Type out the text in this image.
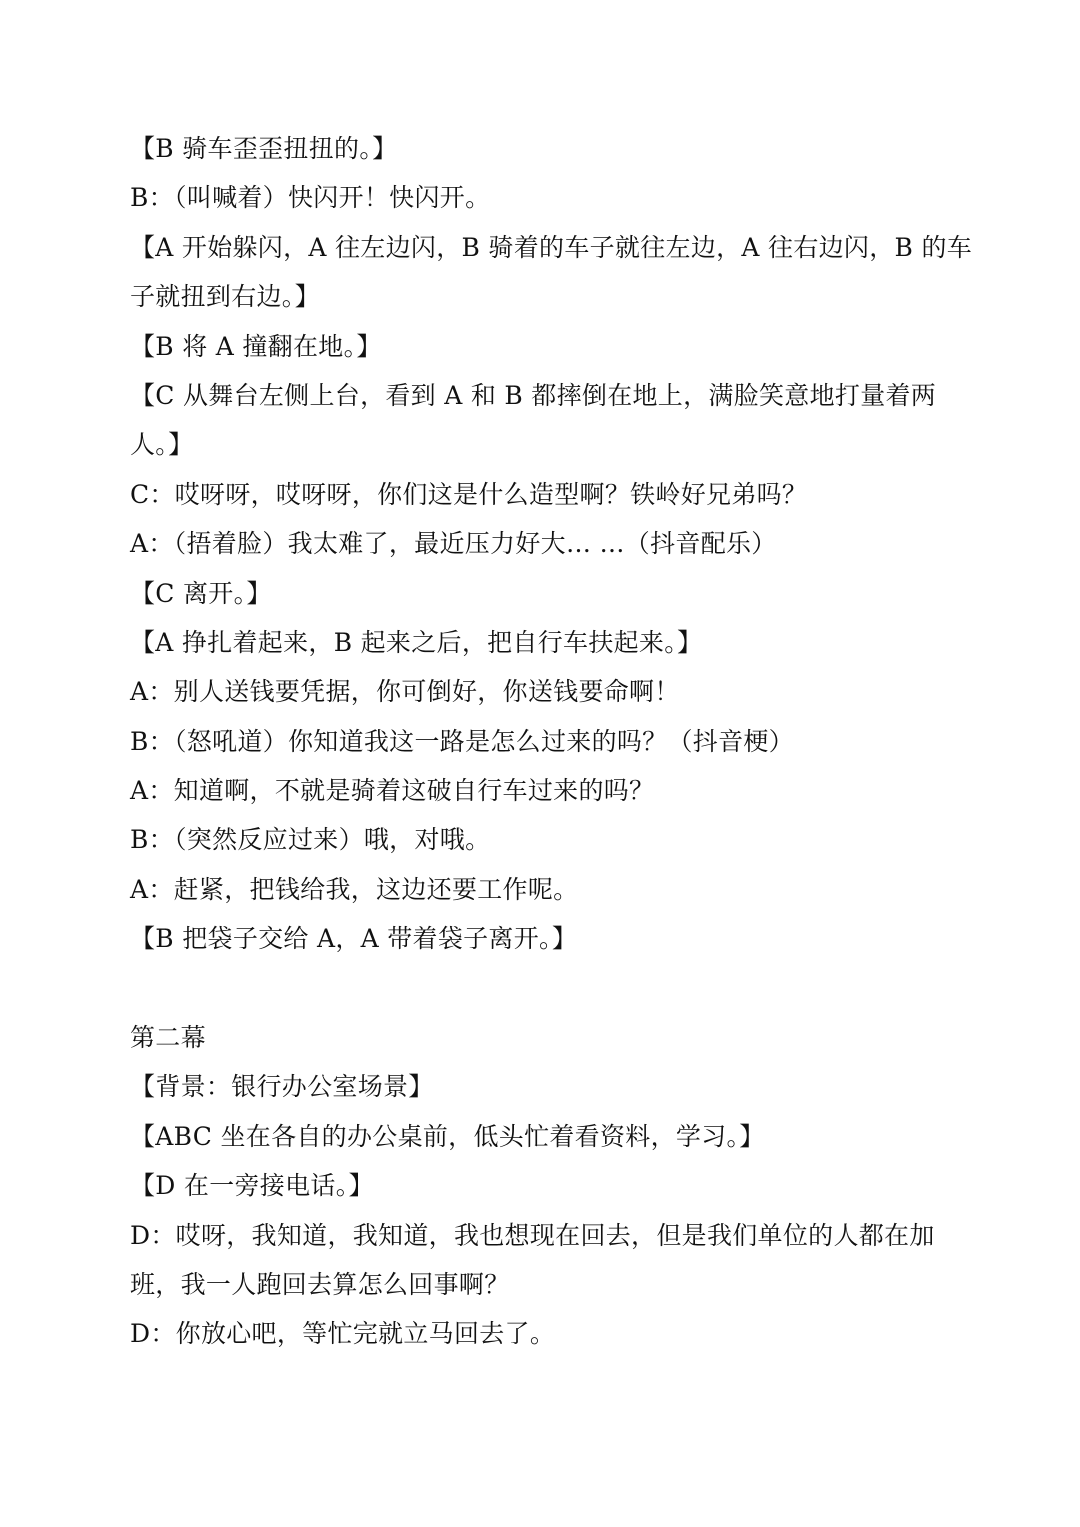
【B 骑车歪歪扭扭的。】
B：（叫喊着）快闪开！快闪开。
【A 开始躲闪，A 往左边闪，B 骑着的车子就往左边，A 往右边闪，B 的车
子就扭到右边。】
【B 将 A 撞翻在地。】
【C 从舞台左侧上台，看到 A 和 B 都摔倒在地上，满脸笑意地打量着两
人。】
C：哎呀呀，哎呀呀，你们这是什么造型啊？铁岭好兄弟吗？
A：（捂着脸）我太难了，最近压力好大… …（抖音配乐）
【C 离开。】
【A 挣扎着起来，B 起来之后，把自行车扶起来。】
A：别人送钱要凭据，你可倒好，你送钱要命啊！
B：（怒吼道）你知道我这一路是怎么过来的吗？（抖音梗）
A：知道啊，不就是骑着这破自行车过来的吗？
B：（突然反应过来）哦，对哦。
A：赶紧，把钱给我，这边还要工作呢。
【B 把袋子交给 A，A 带着袋子离开。】
第二幕
【背景：银行办公室场景】
【ABC 坐在各自的办公桌前，低头忙着看资料，学习。】
【D 在一旁接电话。】
D：哎呀，我知道，我知道，我也想现在回去，但是我们单位的人都在加
班，我一人跑回去算怎么回事啊？
D：你放心吧，等忙完就立马回去了。
